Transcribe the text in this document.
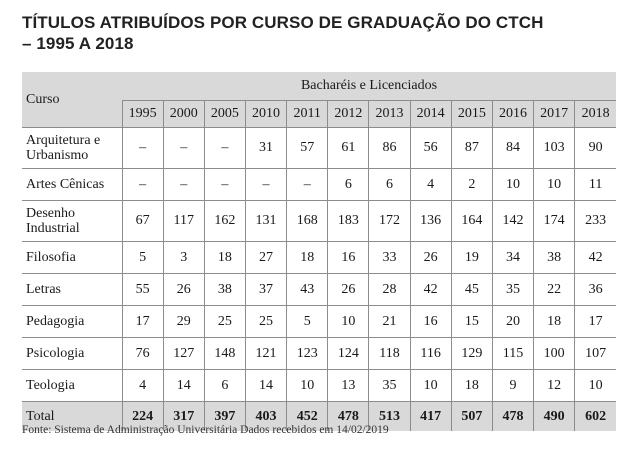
TÍTULOS ATRIBUÍDOS POR CURSO DE GRADUAÇÃO DO CTCH
– 1995 A 2018
Curso	Bacharéis e Licenciados											
	1995	2000	2005	2010	2011	2012	2013	2014	2015	2016	2017	2018

Arquitetura e
Urbanismo	–	–	–	31	57	61	86	56	87	84	103	90

Artes Cênicas	–	–	–	–	–	6	6	4	2	10	10	11

Desenho
Industrial	67	117	162	131	168	183	172	136	164	142	174	233

Filosofia	5	3	18	27	18	16	33	26	19	34	38	42

Letras	55	26	38	37	43	26	28	42	45	35	22	36

Pedagogia	17	29	25	25	5	10	21	16	15	20	18	17

Psicologia	76	127	148	121	123	124	118	116	129	115	100	107

Teologia	4	14	6	14	10	13	35	10	18	9	12	10
Total	224	317	397	403	452	478	513	417	507	478	490	602
Fonte: Sistema de Administração Universitária Dados recebidos em 14/02/2019
